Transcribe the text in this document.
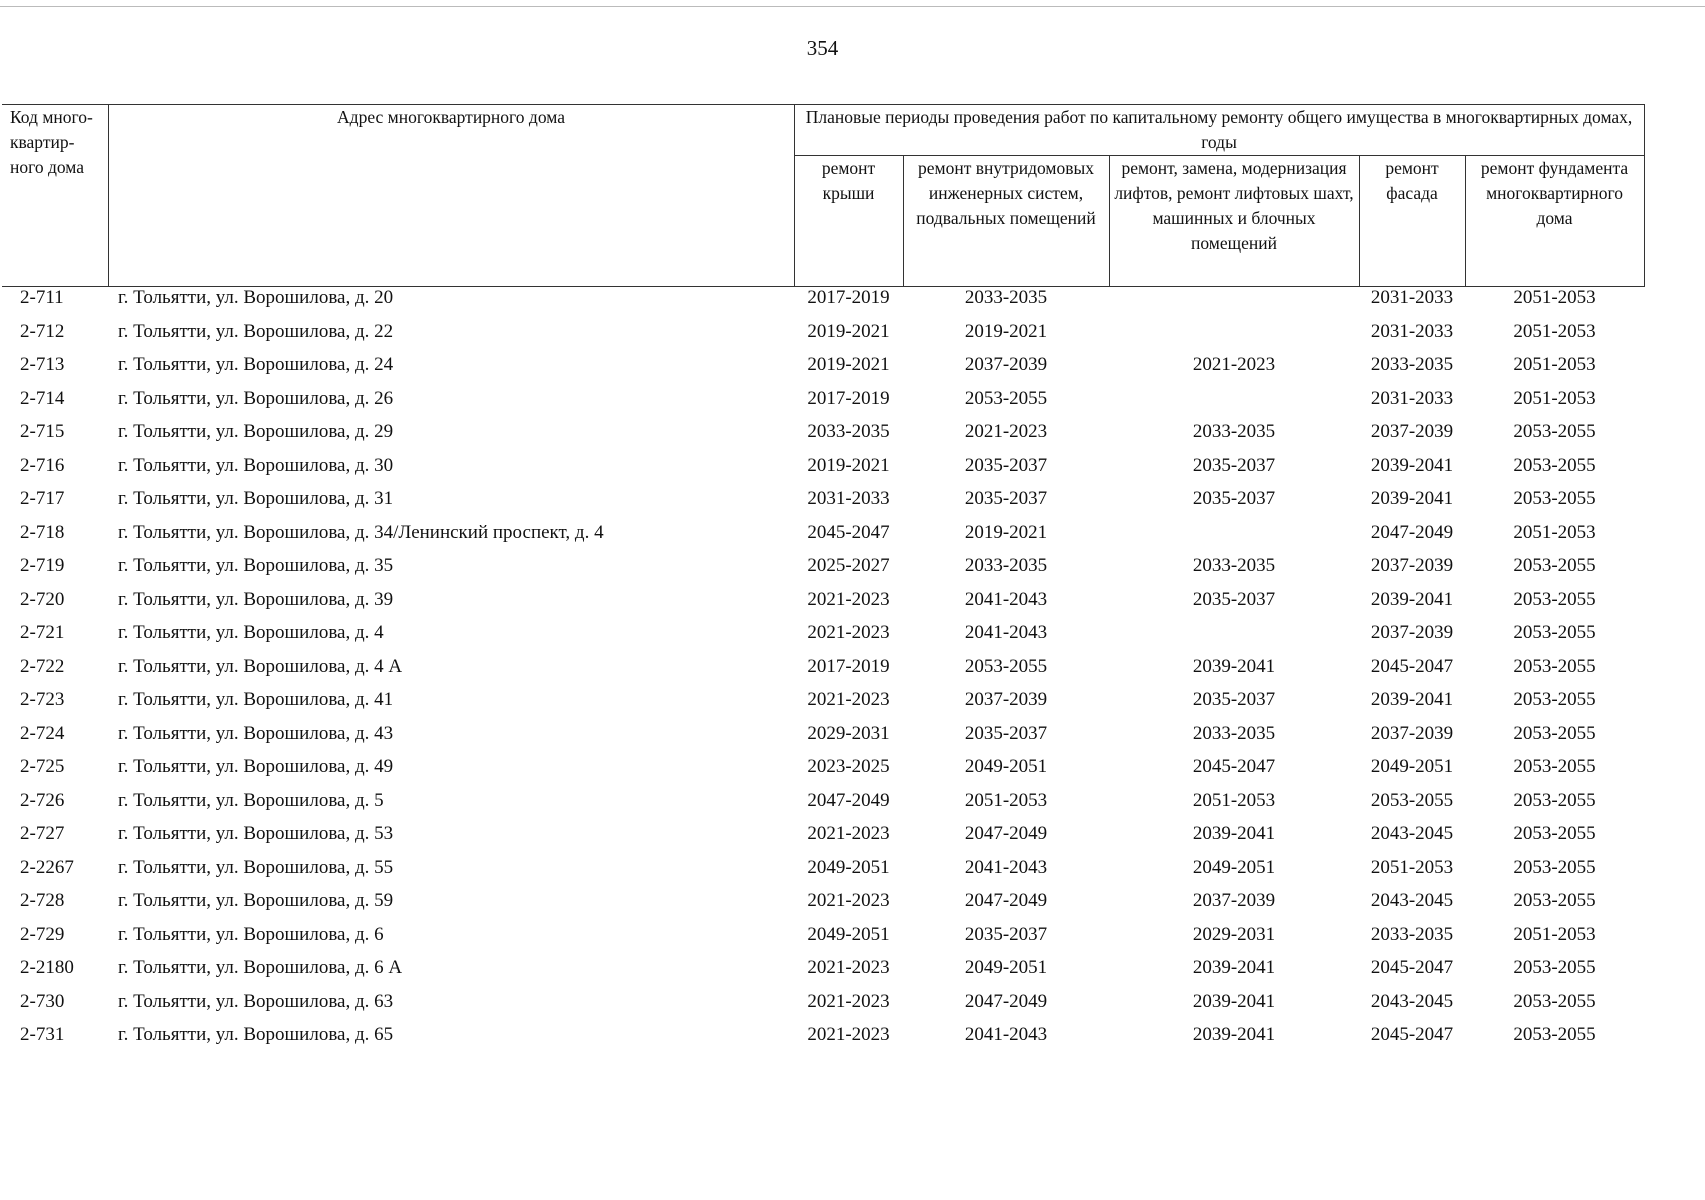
354
Код много-квартир-ного дома	Адрес многоквартирного дома	Плановые периоды проведения работ по капитальному ремонту общего имущества в многоквартирных домах, годы				
		ремонт крыши	ремонт внутридомовых инженерных систем, подвальных помещений	ремонт, замена, модернизация лифтов, ремонт лифтовых шахт, машинных и блочных помещений	ремонт фасада	ремонт фундамента многоквартирного дома
2-711	г. Тольятти, ул. Ворошилова, д. 20	2017-2019	2033-2035		2031-2033	2051-2053
2-712	г. Тольятти, ул. Ворошилова, д. 22	2019-2021	2019-2021		2031-2033	2051-2053
2-713	г. Тольятти, ул. Ворошилова, д. 24	2019-2021	2037-2039	2021-2023	2033-2035	2051-2053
2-714	г. Тольятти, ул. Ворошилова, д. 26	2017-2019	2053-2055		2031-2033	2051-2053
2-715	г. Тольятти, ул. Ворошилова, д. 29	2033-2035	2021-2023	2033-2035	2037-2039	2053-2055
2-716	г. Тольятти, ул. Ворошилова, д. 30	2019-2021	2035-2037	2035-2037	2039-2041	2053-2055
2-717	г. Тольятти, ул. Ворошилова, д. 31	2031-2033	2035-2037	2035-2037	2039-2041	2053-2055
2-718	г. Тольятти, ул. Ворошилова, д. 34/Ленинский проспект, д. 4	2045-2047	2019-2021		2047-2049	2051-2053
2-719	г. Тольятти, ул. Ворошилова, д. 35	2025-2027	2033-2035	2033-2035	2037-2039	2053-2055
2-720	г. Тольятти, ул. Ворошилова, д. 39	2021-2023	2041-2043	2035-2037	2039-2041	2053-2055
2-721	г. Тольятти, ул. Ворошилова, д. 4	2021-2023	2041-2043		2037-2039	2053-2055
2-722	г. Тольятти, ул. Ворошилова, д. 4 А	2017-2019	2053-2055	2039-2041	2045-2047	2053-2055
2-723	г. Тольятти, ул. Ворошилова, д. 41	2021-2023	2037-2039	2035-2037	2039-2041	2053-2055
2-724	г. Тольятти, ул. Ворошилова, д. 43	2029-2031	2035-2037	2033-2035	2037-2039	2053-2055
2-725	г. Тольятти, ул. Ворошилова, д. 49	2023-2025	2049-2051	2045-2047	2049-2051	2053-2055
2-726	г. Тольятти, ул. Ворошилова, д. 5	2047-2049	2051-2053	2051-2053	2053-2055	2053-2055
2-727	г. Тольятти, ул. Ворошилова, д. 53	2021-2023	2047-2049	2039-2041	2043-2045	2053-2055
2-2267	г. Тольятти, ул. Ворошилова, д. 55	2049-2051	2041-2043	2049-2051	2051-2053	2053-2055
2-728	г. Тольятти, ул. Ворошилова, д. 59	2021-2023	2047-2049	2037-2039	2043-2045	2053-2055
2-729	г. Тольятти, ул. Ворошилова, д. 6	2049-2051	2035-2037	2029-2031	2033-2035	2051-2053
2-2180	г. Тольятти, ул. Ворошилова, д. 6 А	2021-2023	2049-2051	2039-2041	2045-2047	2053-2055
2-730	г. Тольятти, ул. Ворошилова, д. 63	2021-2023	2047-2049	2039-2041	2043-2045	2053-2055
2-731	г. Тольятти, ул. Ворошилова, д. 65	2021-2023	2041-2043	2039-2041	2045-2047	2053-2055
